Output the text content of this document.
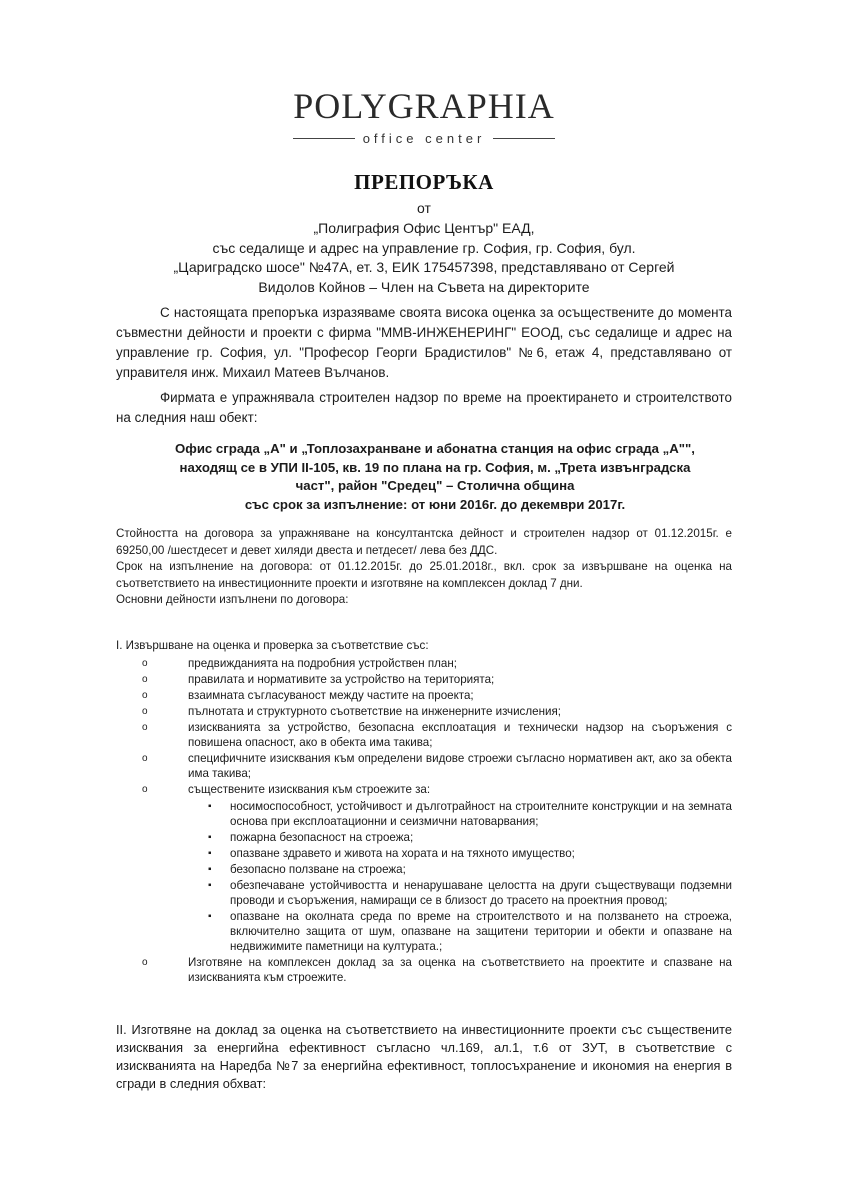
POLYGRAPHIA
office center
ПРЕПОРЪКА
от
„Полиграфия Офис Център" ЕАД,
със седалище и адрес на управление гр. София, гр. София, бул.
„Цариградско шосе" №47А, ет. 3, ЕИК 175457398, представлявано от Сергей
Видолов Койнов – Член на Съвета на директорите
С настоящата препоръка изразяваме своята висока оценка за осъществените до момента съвместни дейности и проекти с фирма "ММВ-ИНЖЕНЕРИНГ" ЕООД, със седалище и адрес на управление гр. София, ул. "Професор Георги Брадистилов" №6, етаж 4, представлявано от управителя инж. Михаил Матеев Вълчанов.
Фирмата е упражнявала строителен надзор по време на проектирането и строителството на следния наш обект:
Офис сграда „А" и „Топлозахранване и абонатна станция на офис сграда „А"",
находящ се в УПИ II-105, кв. 19 по плана на гр. София, м. „Трета извънградска
част", район "Средец" – Столична община
със срок за изпълнение: от юни 2016г. до декември 2017г.
Стойността на договора за упражняване на консултантска дейност и строителен надзор от 01.12.2015г. е 69250,00 /шестдесет и девет хиляди двеста и петдесет/ лева без ДДС.
Срок на изпълнение на договора: от 01.12.2015г. до 25.01.2018г., вкл. срок за извършване на оценка на съответствието на инвестиционните проекти и изготвяне на комплексен доклад 7 дни.
Основни дейности изпълнени по договора:
I. Извършване на оценка и проверка за съответствие със:
o предвижданията на подробния устройствен план;
o правилата и нормативите за устройство на територията;
o взаимната съгласуваност между частите на проекта;
o пълнотата и структурното съответствие на инженерните изчисления;
o изискванията за устройство, безопасна експлоатация и технически надзор на съоръжения с повишена опасност, ако в обекта има такива;
o специфичните изисквания към определени видове строежи съгласно нормативен акт, ако за обекта има такива;
o съществените изисквания към строежите за:
▪ носимоспособност, устойчивост и дълготрайност на строителните конструкции и на земната основа при експлоатационни и сеизмични натоварвания;
▪ пожарна безопасност на строежа;
▪ опазване здравето и живота на хората и на тяхното имущество;
▪ безопасно ползване на строежа;
▪ обезпечаване устойчивостта и ненарушаване целостта на други съществуващи подземни проводи и съоръжения, намиращи се в близост до трасето на проектния провод;
▪ опазване на околната среда по време на строителството и на ползването на строежа, включително защита от шум, опазване на защитени територии и обекти и опазване на недвижимите паметници на културата.;
o Изготвяне на комплексен доклад за за оценка на съответствието на проектите и спазване на изискванията към строежите.
II. Изготвяне на доклад за оценка на съответствието на инвестиционните проекти със съществените изисквания за енергийна ефективност съгласно чл.169, ал.1, т.6 от ЗУТ, в съответствие с изискванията на Наредба №7 за енергийна ефективност, топлосъхранение и икономия на енергия в сгради в следния обхват:
